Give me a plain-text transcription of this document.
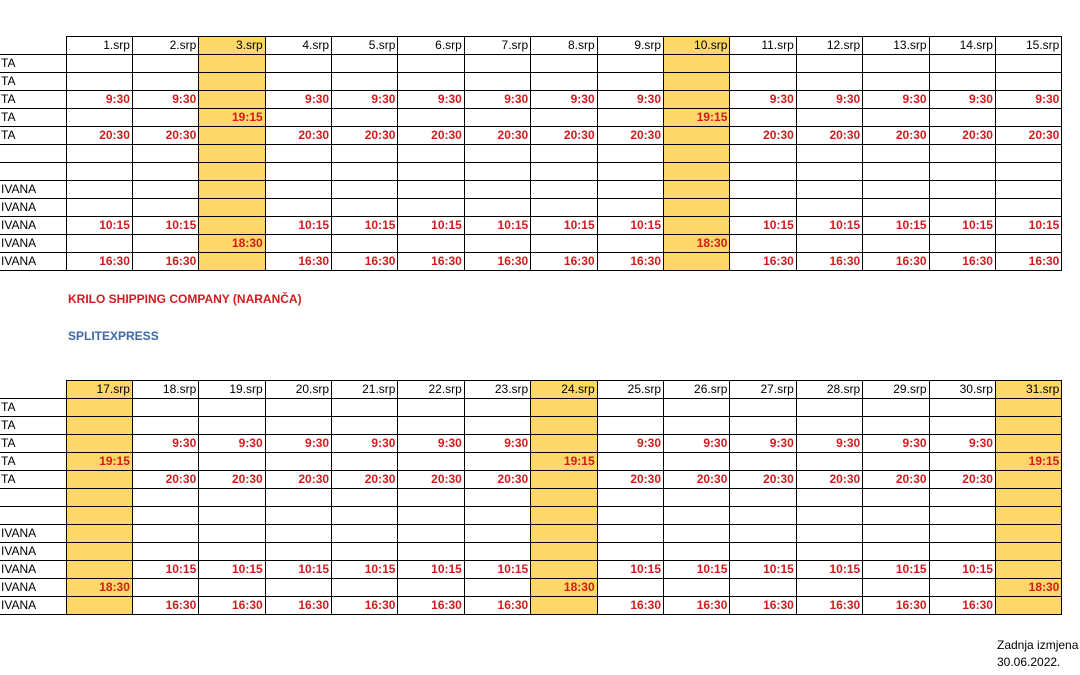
	1.srp	2.srp	3.srp	4.srp	5.srp	6.srp	7.srp	8.srp	9.srp	10.srp	11.srp	12.srp	13.srp	14.srp	15.srp
TA															
TA															
TA	9:30	9:30		9:30	9:30	9:30	9:30	9:30	9:30		9:30	9:30	9:30	9:30	9:30
TA			19:15							19:15					
TA	20:30	20:30		20:30	20:30	20:30	20:30	20:30	20:30		20:30	20:30	20:30	20:30	20:30

IVANA															
IVANA															
IVANA	10:15	10:15		10:15	10:15	10:15	10:15	10:15	10:15		10:15	10:15	10:15	10:15	10:15
IVANA			18:30							18:30					
IVANA	16:30	16:30		16:30	16:30	16:30	16:30	16:30	16:30		16:30	16:30	16:30	16:30	16:30
KRILO SHIPPING COMPANY (NARANČA)
SPLITEXPRESS
	17.srp	18.srp	19.srp	20.srp	21.srp	22.srp	23.srp	24.srp	25.srp	26.srp	27.srp	28.srp	29.srp	30.srp	31.srp
TA															
TA															
TA		9:30	9:30	9:30	9:30	9:30	9:30		9:30	9:30	9:30	9:30	9:30	9:30	
TA	19:15							19:15							19:15
TA		20:30	20:30	20:30	20:30	20:30	20:30		20:30	20:30	20:30	20:30	20:30	20:30	

IVANA															
IVANA															
IVANA		10:15	10:15	10:15	10:15	10:15	10:15		10:15	10:15	10:15	10:15	10:15	10:15	
IVANA	18:30							18:30							18:30
IVANA		16:30	16:30	16:30	16:30	16:30	16:30		16:30	16:30	16:30	16:30	16:30	16:30	
Zadnja izmjena
30.06.2022.
